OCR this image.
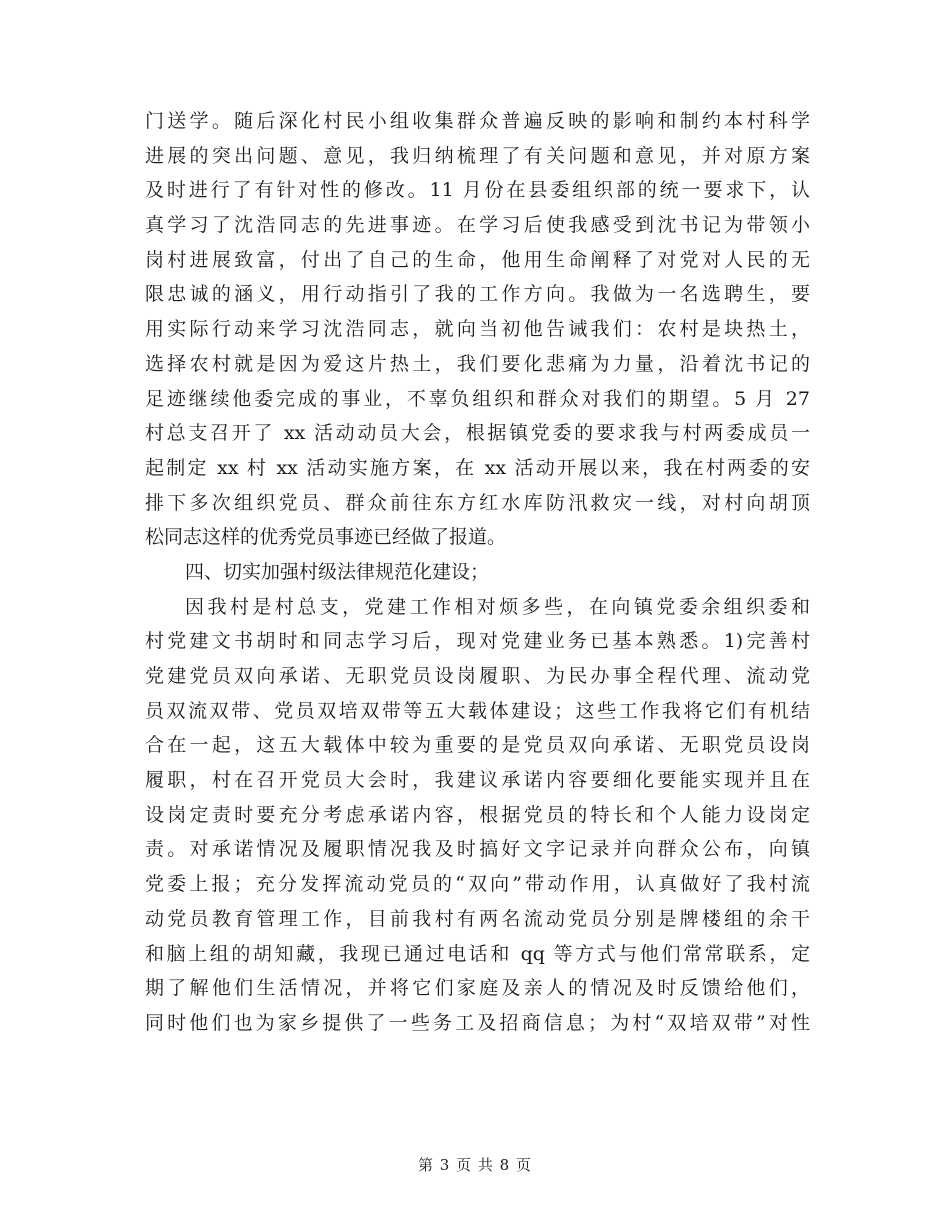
门送学。随后深化村民小组收集群众普遍反映的影响和制约本村科学
进展的突出问题、意见，我归纳梳理了有关问题和意见，并对原方案
及时进行了有针对性的修改。11 月份在县委组织部的统一要求下，认
真学习了沈浩同志的先进事迹。在学习后使我感受到沈书记为带领小
岗村进展致富，付出了自己的生命，他用生命阐释了对党对人民的无
限忠诚的涵义，用行动指引了我的工作方向。我做为一名选聘生，要
用实际行动来学习沈浩同志，就向当初他告诫我们：农村是块热土，
选择农村就是因为爱这片热土，我们要化悲痛为力量，沿着沈书记的
足迹继续他委完成的事业，不辜负组织和群众对我们的期望。5 月 27
村总支召开了 xx 活动动员大会，根据镇党委的要求我与村两委成员一
起制定 xx 村 xx 活动实施方案，在 xx 活动开展以来，我在村两委的安
排下多次组织党员、群众前往东方红水库防汛救灾一线，对村向胡顶
松同志这样的优秀党员事迹已经做了报道。
四、切实加强村级法律规范化建设；
因我村是村总支，党建工作相对烦多些，在向镇党委余组织委和
村党建文书胡时和同志学习后，现对党建业务已基本熟悉。1)完善村
党建党员双向承诺、无职党员设岗履职、为民办事全程代理、流动党
员双流双带、党员双培双带等五大载体建设；这些工作我将它们有机结
合在一起，这五大载体中较为重要的是党员双向承诺、无职党员设岗
履职，村在召开党员大会时，我建议承诺内容要细化要能实现并且在
设岗定责时要充分考虑承诺内容，根据党员的特长和个人能力设岗定
责。对承诺情况及履职情况我及时搞好文字记录并向群众公布，向镇
党委上报；充分发挥流动党员的“双向”带动作用，认真做好了我村流
动党员教育管理工作，目前我村有两名流动党员分别是牌楼组的余干
和脑上组的胡知藏，我现已通过电话和 qq 等方式与他们常常联系，定
期了解他们生活情况，并将它们家庭及亲人的情况及时反馈给他们，
同时他们也为家乡提供了一些务工及招商信息；为村“双培双带”对性
第 3 页 共 8 页
